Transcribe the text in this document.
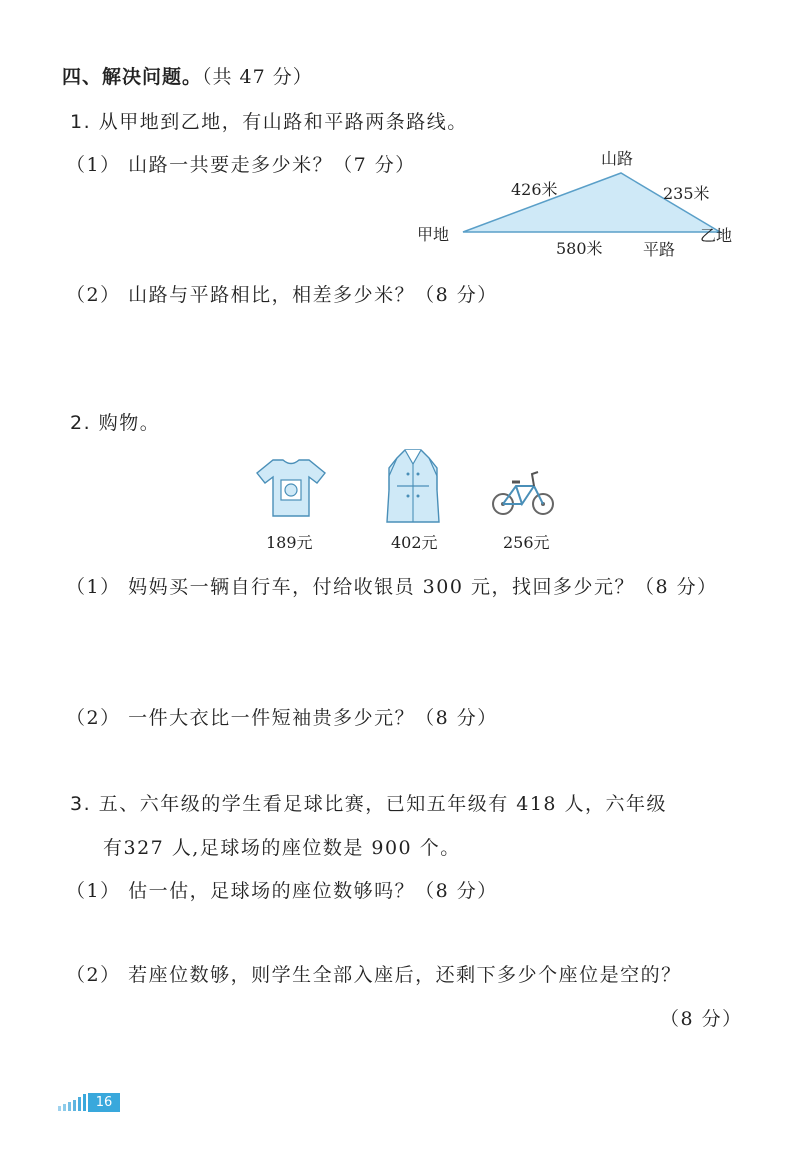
四、解决问题。（共 47 分）
1. 从甲地到乙地，有山路和平路两条路线。
（1） 山路一共要走多少米？（7 分）	山路
426米	235米
甲地	乙地
580米	平路
（2） 山路与平路相比，相差多少米？（8 分）
2. 购物。
189元	402元	256元
（1） 妈妈买一辆自行车，付给收银员 300 元，找回多少元？（8 分）
（2） 一件大衣比一件短袖贵多少元？（8 分）
3. 五、六年级的学生看足球比赛，已知五年级有 418 人，六年级
有327 人,足球场的座位数是 900 个。
（1） 估一估，足球场的座位数够吗？（8 分）
（2） 若座位数够，则学生全部入座后，还剩下多少个座位是空的？
（8 分）
16
